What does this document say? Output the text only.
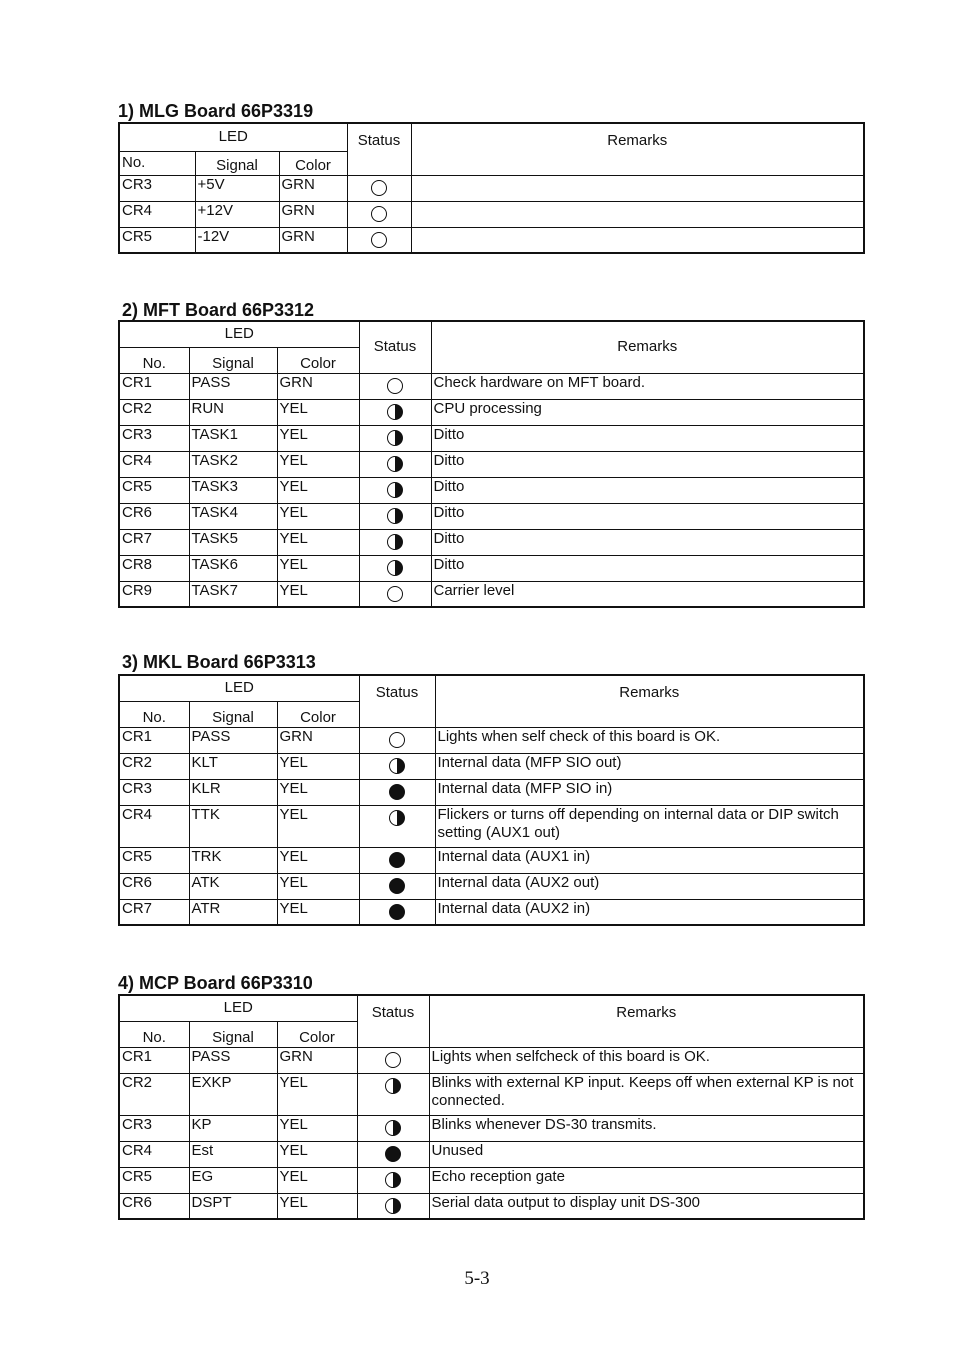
1) MLG Board 66P3319
LED			Status	Remarks
No.	Signal	Color		
CR3	+5V	GRN		
CR4	+12V	GRN		
CR5	-12V	GRN		
2) MFT Board 66P3312
LED			Status	Remarks
No.	Signal	Color		
CR1	PASS	GRN		Check hardware on MFT board.
CR2	RUN	YEL		CPU processing
CR3	TASK1	YEL		Ditto
CR4	TASK2	YEL		Ditto
CR5	TASK3	YEL		Ditto
CR6	TASK4	YEL		Ditto
CR7	TASK5	YEL		Ditto
CR8	TASK6	YEL		Ditto
CR9	TASK7	YEL		Carrier level
3) MKL Board 66P3313
LED			Status	Remarks
No.	Signal	Color		
CR1	PASS	GRN		Lights when self check of this board is OK.
CR2	KLT	YEL		Internal data (MFP SIO out)
CR3	KLR	YEL		Internal data (MFP SIO in)
CR4	TTK	YEL		Flickers or turns off depending on internal data or DIP switch setting (AUX1 out)
CR5	TRK	YEL		Internal data (AUX1 in)
CR6	ATK	YEL		Internal data (AUX2 out)
CR7	ATR	YEL		Internal data (AUX2 in)
4) MCP Board 66P3310
LED			Status	Remarks
No.	Signal	Color		
CR1	PASS	GRN		Lights when selfcheck of this board is OK.
CR2	EXKP	YEL		Blinks with external KP input. Keeps off when external KP is not connected.
CR3	KP	YEL		Blinks whenever DS-30 transmits.
CR4	Est	YEL		Unused
CR5	EG	YEL		Echo reception gate
CR6	DSPT	YEL		Serial data output to display unit DS-300
5-3
